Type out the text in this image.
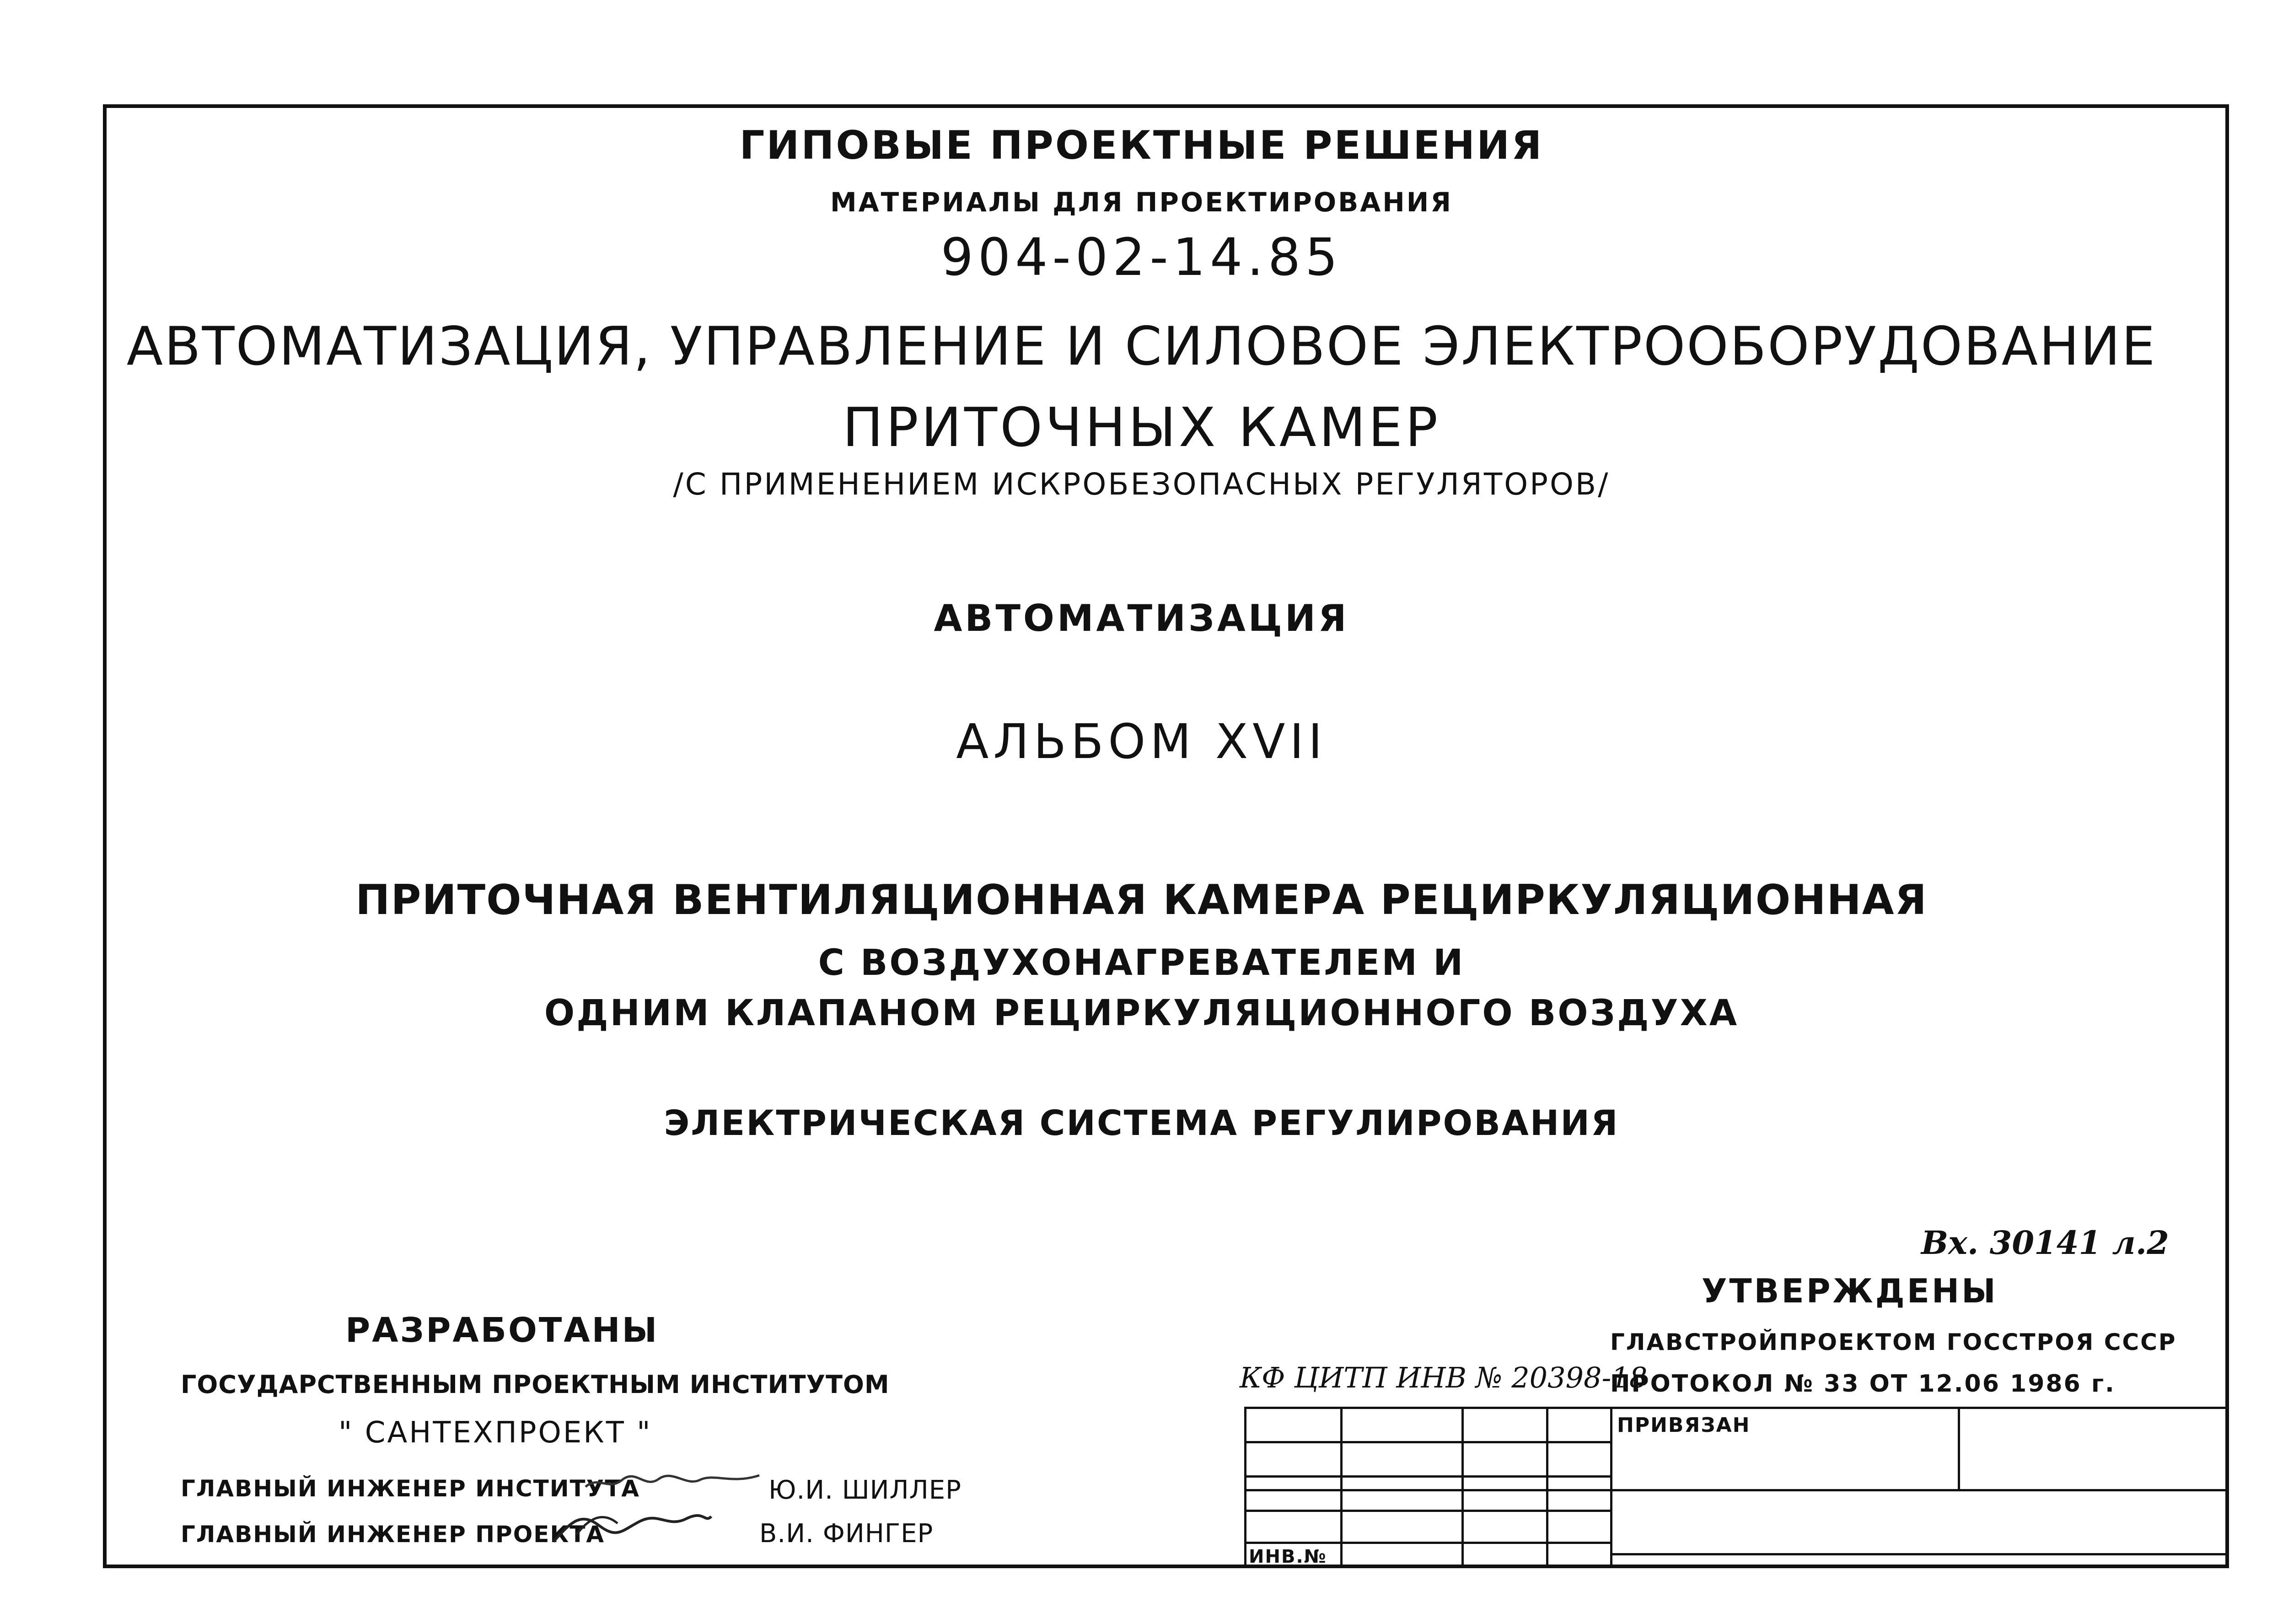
ГИПОВЫЕ ПРОЕКТНЫЕ РЕШЕНИЯ
МАТЕРИАЛЫ ДЛЯ ПРОЕКТИРОВАНИЯ
904-02-14.85
АВТОМАТИЗАЦИЯ, УПРАВЛЕНИЕ И СИЛОВОЕ ЭЛЕКТРООБОРУДОВАНИЕ
ПРИТОЧНЫХ КАМЕР
/С ПРИМЕНЕНИЕМ ИСКРОБЕЗОПАСНЫХ РЕГУЛЯТОРОВ/
АВТОМАТИЗАЦИЯ
АЛЬБОМ XVII
ПРИТОЧНАЯ ВЕНТИЛЯЦИОННАЯ КАМЕРА РЕЦИРКУЛЯЦИОННАЯ
С ВОЗДУХОНАГРЕВАТЕЛЕМ И
ОДНИМ КЛАПАНОМ РЕЦИРКУЛЯЦИОННОГО ВОЗДУХА
ЭЛЕКТРИЧЕСКАЯ СИСТЕМА РЕГУЛИРОВАНИЯ
Вх. 30141 л.2
УТВЕРЖДЕНЫ
ГЛАВСТРОЙПРОЕКТОМ ГОССТРОЯ СССР
ПРОТОКОЛ № 33 ОТ 12.06 1986 г.
РАЗРАБОТАНЫ
ГОСУДАРСТВЕННЫМ ПРОЕКТНЫМ ИНСТИТУТОМ
" САНТЕХПРОЕКТ "
ГЛАВНЫЙ ИНЖЕНЕР ИНСТИТУТА	Ю.И. ШИЛЛЕР
ГЛАВНЫЙ ИНЖЕНЕР ПРОЕКТА	В.И. ФИНГЕР
КФ ЦИТП ИНВ № 20398-18
ПРИВЯЗАН
ИНВ.№
